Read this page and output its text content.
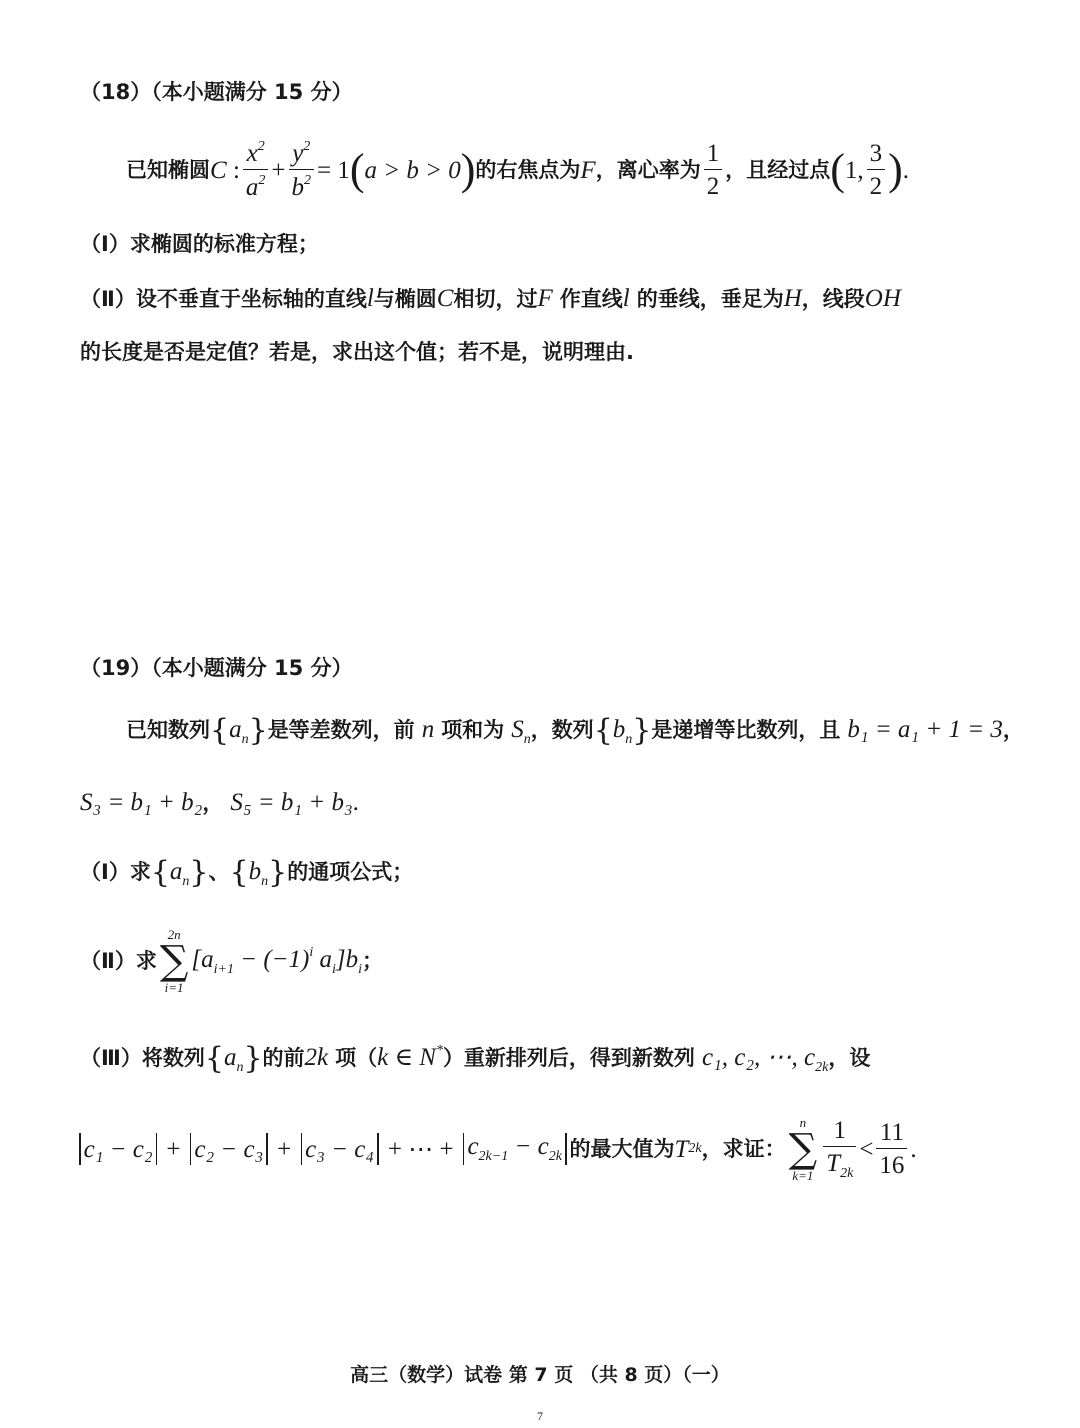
（18）（本小题满分 15 分）
已知椭圆 C : $\frac{x^2}{a^2} + \frac{y^2}{b^2} = 1$ ( a > b > 0 ) 的右焦点为 F ，离心率为 $\frac{1}{2}$ ，且经过点 ( 1, $\frac{3}{2}$ ) .
（Ⅰ）求椭圆的标准方程；
（Ⅱ）设不垂直于坐标轴的直线l与椭圆C相切，过F 作直线l 的垂线，垂足为H，线段OH
的长度是否是定值？若是，求出这个值；若不是，说明理由.
（19）（本小题满分 15 分）
已知数列$\{a_n\}$是等差数列，前 n 项和为 $S_n$，数列$\{b_n\}$是递增等比数列，且 b₁ = a₁ + 1 = 3，
S₃ = b₁ + b₂， S₅ = b₁ + b₃.
（Ⅰ）求$\{a_n\}$、$\{b_n\}$的通项公式；
（Ⅱ）求
2n
∑
i=1
[$a_{i+1} - (-1)^i$ $a_i]b_i$ ；
（Ⅲ）将数列$\{a_n\}$的前2k 项（k ∈ N*）重新排列后，得到新数列 c₁, c₂, ⋯, $c_{2k}$，设
c₁ − c₂ + c₂ − c₃ + c₃ − c₄
+ ⋯ +
$c_{2k-1} - c_{2k}$ 的最大值为 T 2k ，求证：
n
∑
$k=1 \frac{1}{T_{2k}} < \frac{11}{16}$ .
高三（数学）试卷 第 7 页 （共 8 页）（一）
7
